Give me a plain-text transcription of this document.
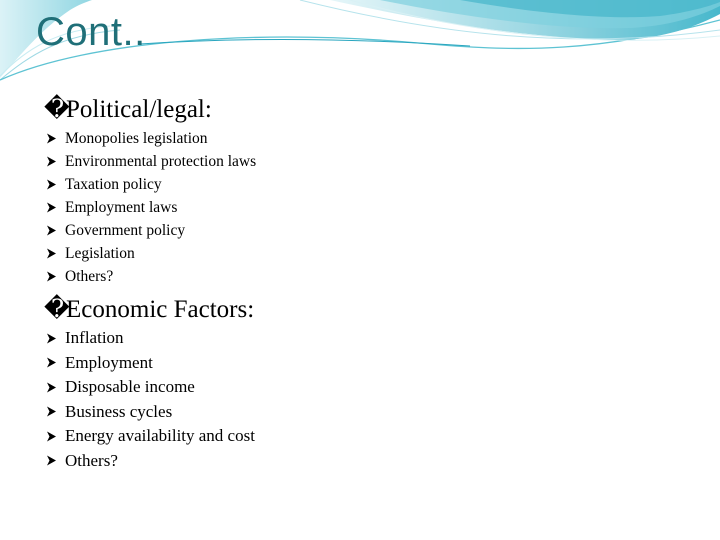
Cont..
�Political/legal:
Monopolies legislation
Environmental protection laws
Taxation policy
Employment laws
Government policy
Legislation
Others?
�Economic Factors:
Inflation
Employment
Disposable income
Business cycles
Energy availability and cost
Others?
